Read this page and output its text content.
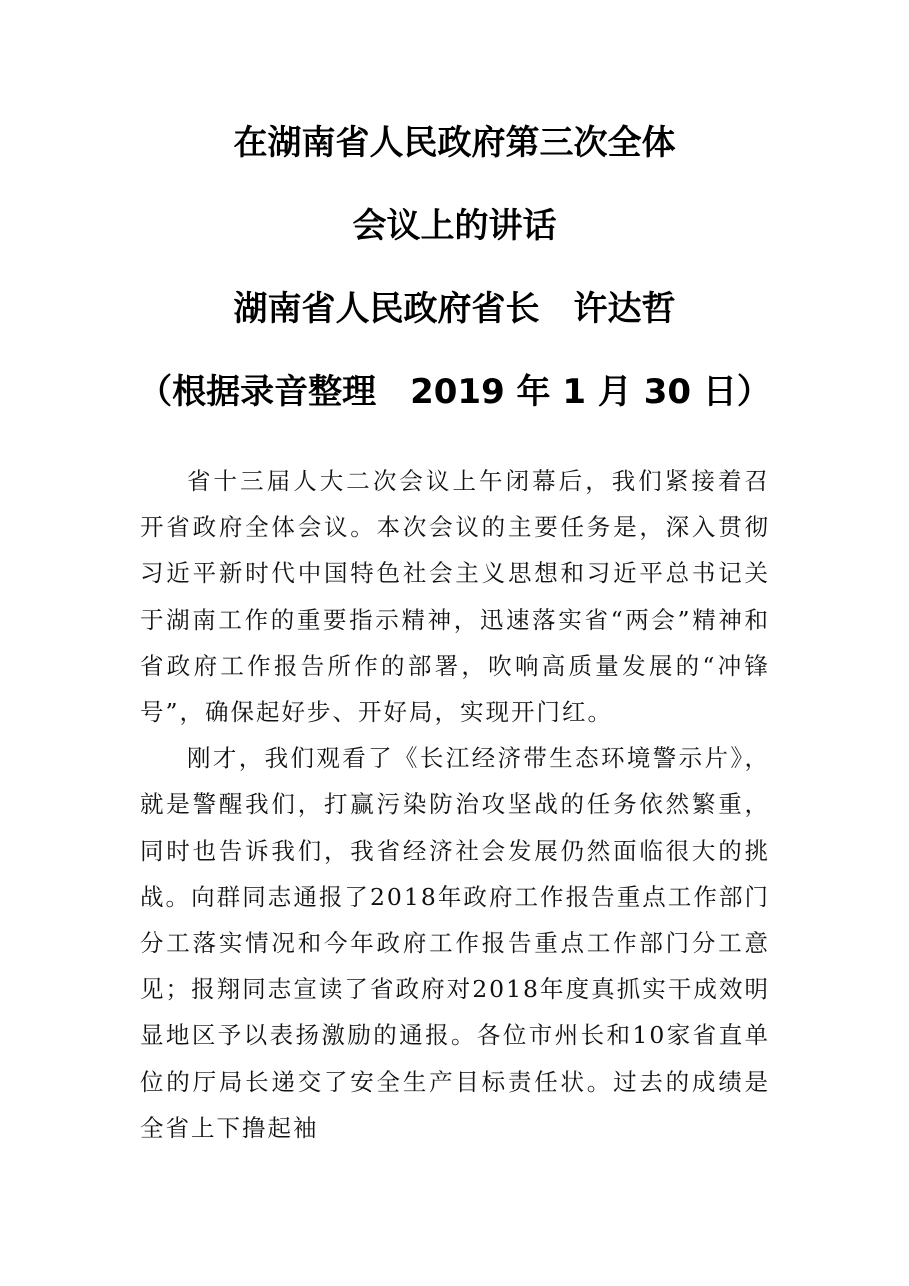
在湖南省人民政府第三次全体
会议上的讲话
湖南省人民政府省长　许达哲
（根据录音整理　2019 年 1 月 30 日）

省十三届人大二次会议上午闭幕后，我们紧接着召开省政府全体会议。本次会议的主要任务是，深入贯彻习近平新时代中国特色社会主义思想和习近平总书记关于湖南工作的重要指示精神，迅速落实省“两会”精神和省政府工作报告所作的部署，吹响高质量发展的“冲锋号”，确保起好步、开好局，实现开门红。

刚才，我们观看了《长江经济带生态环境警示片》，就是警醒我们，打赢污染防治攻坚战的任务依然繁重，同时也告诉我们，我省经济社会发展仍然面临很大的挑战。向群同志通报了2018年政府工作报告重点工作部门分工落实情况和今年政府工作报告重点工作部门分工意见；报翔同志宣读了省政府对2018年度真抓实干成效明显地区予以表扬激励的通报。各位市州长和10家省直单位的厅局长递交了安全生产目标责任状。过去的成绩是全省上下撸起袖
